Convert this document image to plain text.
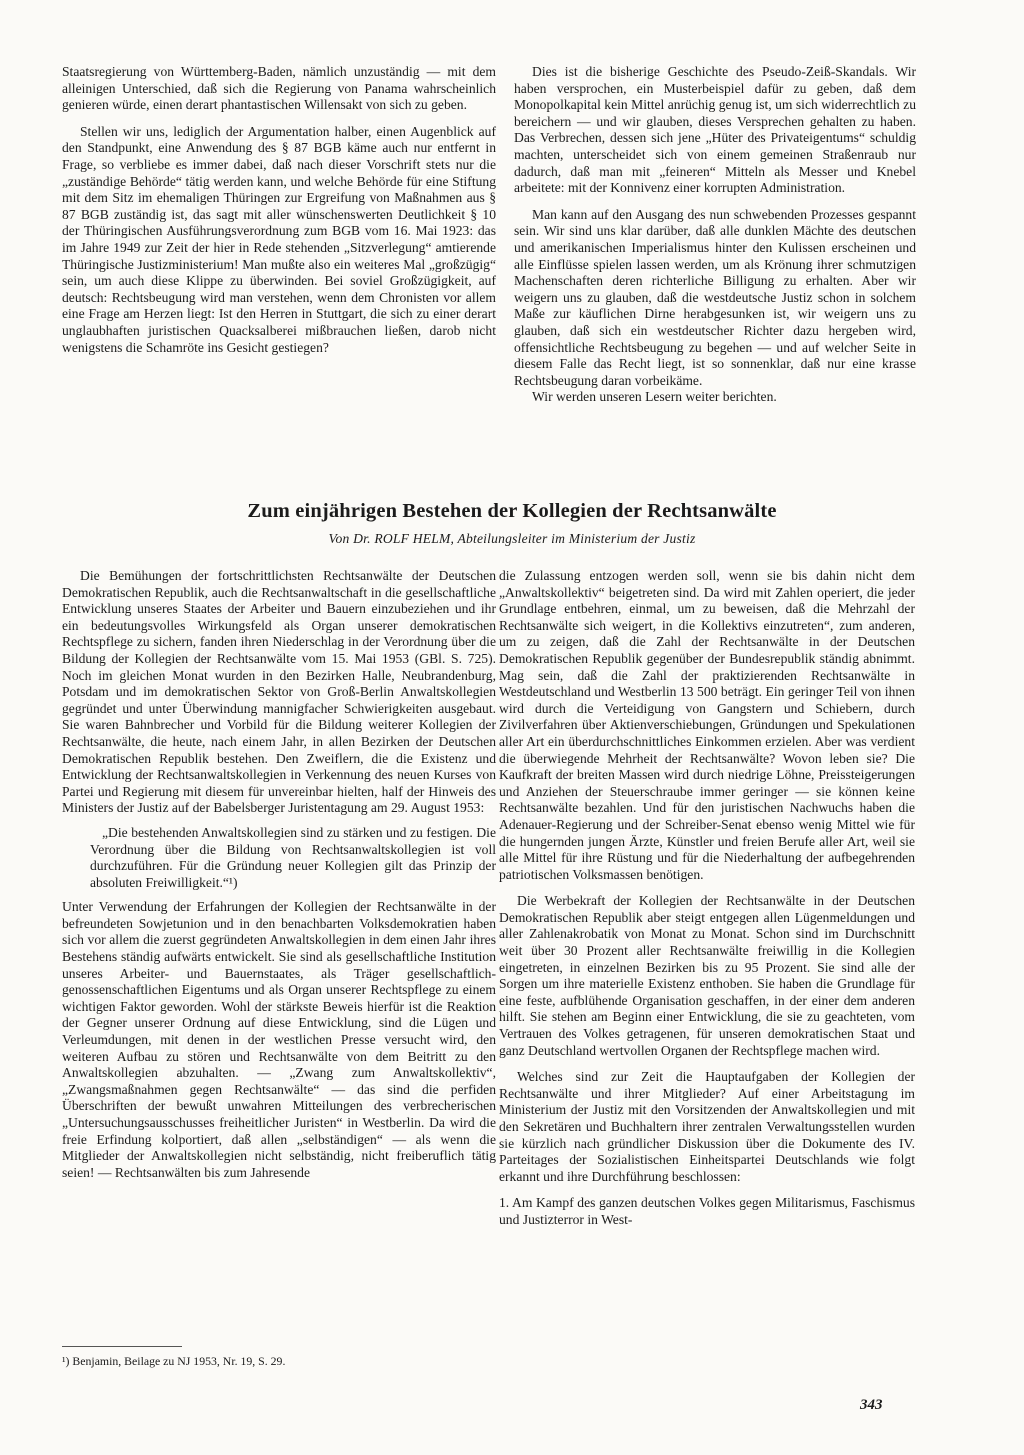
Staatsregierung von Württemberg-Baden, nämlich unzuständig — mit dem alleinigen Unterschied, daß sich die Regierung von Panama wahrscheinlich genieren würde, einen derart phantastischen Willensakt von sich zu geben.

Stellen wir uns, lediglich der Argumentation halber, einen Augenblick auf den Standpunkt, eine Anwendung des § 87 BGB käme auch nur entfernt in Frage, so verbliebe es immer dabei, daß nach dieser Vorschrift stets nur die „zuständige Behörde“ tätig werden kann, und welche Behörde für eine Stiftung mit dem Sitz im ehemaligen Thüringen zur Ergreifung von Maßnahmen aus § 87 BGB zuständig ist, das sagt mit aller wünschenswerten Deutlichkeit § 10 der Thüringischen Ausführungsverordnung zum BGB vom 16. Mai 1923: das im Jahre 1949 zur Zeit der hier in Rede stehenden „Sitzverlegung“ amtierende Thüringische Justizministerium! Man mußte also ein weiteres Mal „großzügig“ sein, um auch diese Klippe zu überwinden. Bei soviel Großzügigkeit, auf deutsch: Rechtsbeugung wird man verstehen, wenn dem Chronisten vor allem eine Frage am Herzen liegt: Ist den Herren in Stuttgart, die sich zu einer derart unglaubhaften juristischen Quacksalberei mißbrauchen ließen, darob nicht wenigstens die Schamröte ins Gesicht gestiegen?

Dies ist die bisherige Geschichte des Pseudo-Zeiß-Skandals. Wir haben versprochen, ein Musterbeispiel dafür zu geben, daß dem Monopolkapital kein Mittel anrüchig genug ist, um sich widerrechtlich zu bereichern — und wir glauben, dieses Versprechen gehalten zu haben. Das Verbrechen, dessen sich jene „Hüter des Privateigentums“ schuldig machten, unterscheidet sich von einem gemeinen Straßenraub nur dadurch, daß man mit „feineren“ Mitteln als Messer und Knebel arbeitete: mit der Konnivenz einer korrupten Administration.

Man kann auf den Ausgang des nun schwebenden Prozesses gespannt sein. Wir sind uns klar darüber, daß alle dunklen Mächte des deutschen und amerikanischen Imperialismus hinter den Kulissen erscheinen und alle Einflüsse spielen lassen werden, um als Krönung ihrer schmutzigen Machenschaften deren richterliche Billigung zu erhalten. Aber wir weigern uns zu glauben, daß die westdeutsche Justiz schon in solchem Maße zur käuflichen Dirne herabgesunken ist, wir weigern uns zu glauben, daß sich ein westdeutscher Richter dazu hergeben wird, offensichtliche Rechtsbeugung zu begehen — und auf welcher Seite in diesem Falle das Recht liegt, ist so sonnenklar, daß nur eine krasse Rechtsbeugung daran vorbeikäme.

Wir werden unseren Lesern weiter berichten.

Zum einjährigen Bestehen der Kollegien der Rechtsanwälte
Von Dr. ROLF HELM, Abteilungsleiter im Ministerium der Justiz

Die Bemühungen der fortschrittlichsten Rechtsanwälte der Deutschen Demokratischen Republik, auch die Rechtsanwaltschaft in die gesellschaftliche Entwicklung unseres Staates der Arbeiter und Bauern einzubeziehen und ihr ein bedeutungsvolles Wirkungsfeld als Organ unserer demokratischen Rechtspflege zu sichern, fanden ihren Niederschlag in der Verordnung über die Bildung der Kollegien der Rechtsanwälte vom 15. Mai 1953 (GBl. S. 725). Noch im gleichen Monat wurden in den Bezirken Halle, Neubrandenburg, Potsdam und im demokratischen Sektor von Groß-Berlin Anwaltskollegien gegründet und unter Überwindung mannigfacher Schwierigkeiten ausgebaut. Sie waren Bahnbrecher und Vorbild für die Bildung weiterer Kollegien der Rechtsanwälte, die heute, nach einem Jahr, in allen Bezirken der Deutschen Demokratischen Republik bestehen. Den Zweiflern, die die Existenz und Entwicklung der Rechtsanwaltskollegien in Verkennung des neuen Kurses von Partei und Regierung mit diesem für unvereinbar hielten, half der Hinweis des Ministers der Justiz auf der Babelsberger Juristentagung am 29. August 1953:

„Die bestehenden Anwaltskollegien sind zu stärken und zu festigen. Die Verordnung über die Bildung von Rechtsanwaltskollegien ist voll durchzuführen. Für die Gründung neuer Kollegien gilt das Prinzip der absoluten Freiwilligkeit.“¹)

Unter Verwendung der Erfahrungen der Kollegien der Rechtsanwälte in der befreundeten Sowjetunion und in den benachbarten Volksdemokratien haben sich vor allem die zuerst gegründeten Anwaltskollegien in dem einen Jahr ihres Bestehens ständig aufwärts entwickelt. Sie sind als gesellschaftliche Institution unseres Arbeiter- und Bauernstaates, als Träger gesellschaftlich-genossenschaftlichen Eigentums und als Organ unserer Rechtspflege zu einem wichtigen Faktor geworden. Wohl der stärkste Beweis hierfür ist die Reaktion der Gegner unserer Ordnung auf diese Entwicklung, sind die Lügen und Verleumdungen, mit denen in der westlichen Presse versucht wird, den weiteren Aufbau zu stören und Rechtsanwälte von dem Beitritt zu den Anwaltskollegien abzuhalten. — „Zwang zum Anwaltskollektiv“, „Zwangsmaßnahmen gegen Rechtsanwälte“ — das sind die perfiden Überschriften der bewußt unwahren Mitteilungen des verbrecherischen „Untersuchungsausschusses freiheitlicher Juristen“ in Westberlin. Da wird die freie Erfindung kolportiert, daß allen „selbständigen“ — als wenn die Mitglieder der Anwaltskollegien nicht selbständig, nicht freiberuflich tätig seien! — Rechtsanwälten bis zum Jahresende

die Zulassung entzogen werden soll, wenn sie bis dahin nicht dem „Anwaltskollektiv“ beigetreten sind. Da wird mit Zahlen operiert, die jeder Grundlage entbehren, einmal, um zu beweisen, daß die Mehrzahl der Rechtsanwälte sich weigert, in die Kollektivs einzutreten“, zum anderen, um zu zeigen, daß die Zahl der Rechtsanwälte in der Deutschen Demokratischen Republik gegenüber der Bundesrepublik ständig abnimmt. Mag sein, daß die Zahl der praktizierenden Rechtsanwälte in Westdeutschland und Westberlin 13 500 beträgt. Ein geringer Teil von ihnen wird durch die Verteidigung von Gangstern und Schiebern, durch Zivilverfahren über Aktienverschiebungen, Gründungen und Spekulationen aller Art ein überdurchschnittliches Einkommen erzielen. Aber was verdient die überwiegende Mehrheit der Rechtsanwälte? Wovon leben sie? Die Kaufkraft der breiten Massen wird durch niedrige Löhne, Preissteigerungen und Anziehen der Steuerschraube immer geringer — sie können keine Rechtsanwälte bezahlen. Und für den juristischen Nachwuchs haben die Adenauer-Regierung und der Schreiber-Senat ebenso wenig Mittel wie für die hungernden jungen Ärzte, Künstler und freien Berufe aller Art, weil sie alle Mittel für ihre Rüstung und für die Niederhaltung der aufbegehrenden patriotischen Volksmassen benötigen.

Die Werbekraft der Kollegien der Rechtsanwälte in der Deutschen Demokratischen Republik aber steigt entgegen allen Lügenmeldungen und aller Zahlenakrobatik von Monat zu Monat. Schon sind im Durchschnitt weit über 30 Prozent aller Rechtsanwälte freiwillig in die Kollegien eingetreten, in einzelnen Bezirken bis zu 95 Prozent. Sie sind alle der Sorgen um ihre materielle Existenz enthoben. Sie haben die Grundlage für eine feste, aufblühende Organisation geschaffen, in der einer dem anderen hilft. Sie stehen am Beginn einer Entwicklung, die sie zu geachteten, vom Vertrauen des Volkes getragenen, für unseren demokratischen Staat und ganz Deutschland wertvollen Organen der Rechtspflege machen wird.

Welches sind zur Zeit die Hauptaufgaben der Kollegien der Rechtsanwälte und ihrer Mitglieder? Auf einer Arbeitstagung im Ministerium der Justiz mit den Vorsitzenden der Anwaltskollegien und mit den Sekretären und Buchhaltern ihrer zentralen Verwaltungsstellen wurden sie kürzlich nach gründlicher Diskussion über die Dokumente des IV. Parteitages der Sozialistischen Einheitspartei Deutschlands wie folgt erkannt und ihre Durchführung beschlossen:

1. Am Kampf des ganzen deutschen Volkes gegen Militarismus, Faschismus und Justizterror in West-

¹) Benjamin, Beilage zu NJ 1953, Nr. 19, S. 29.
343
